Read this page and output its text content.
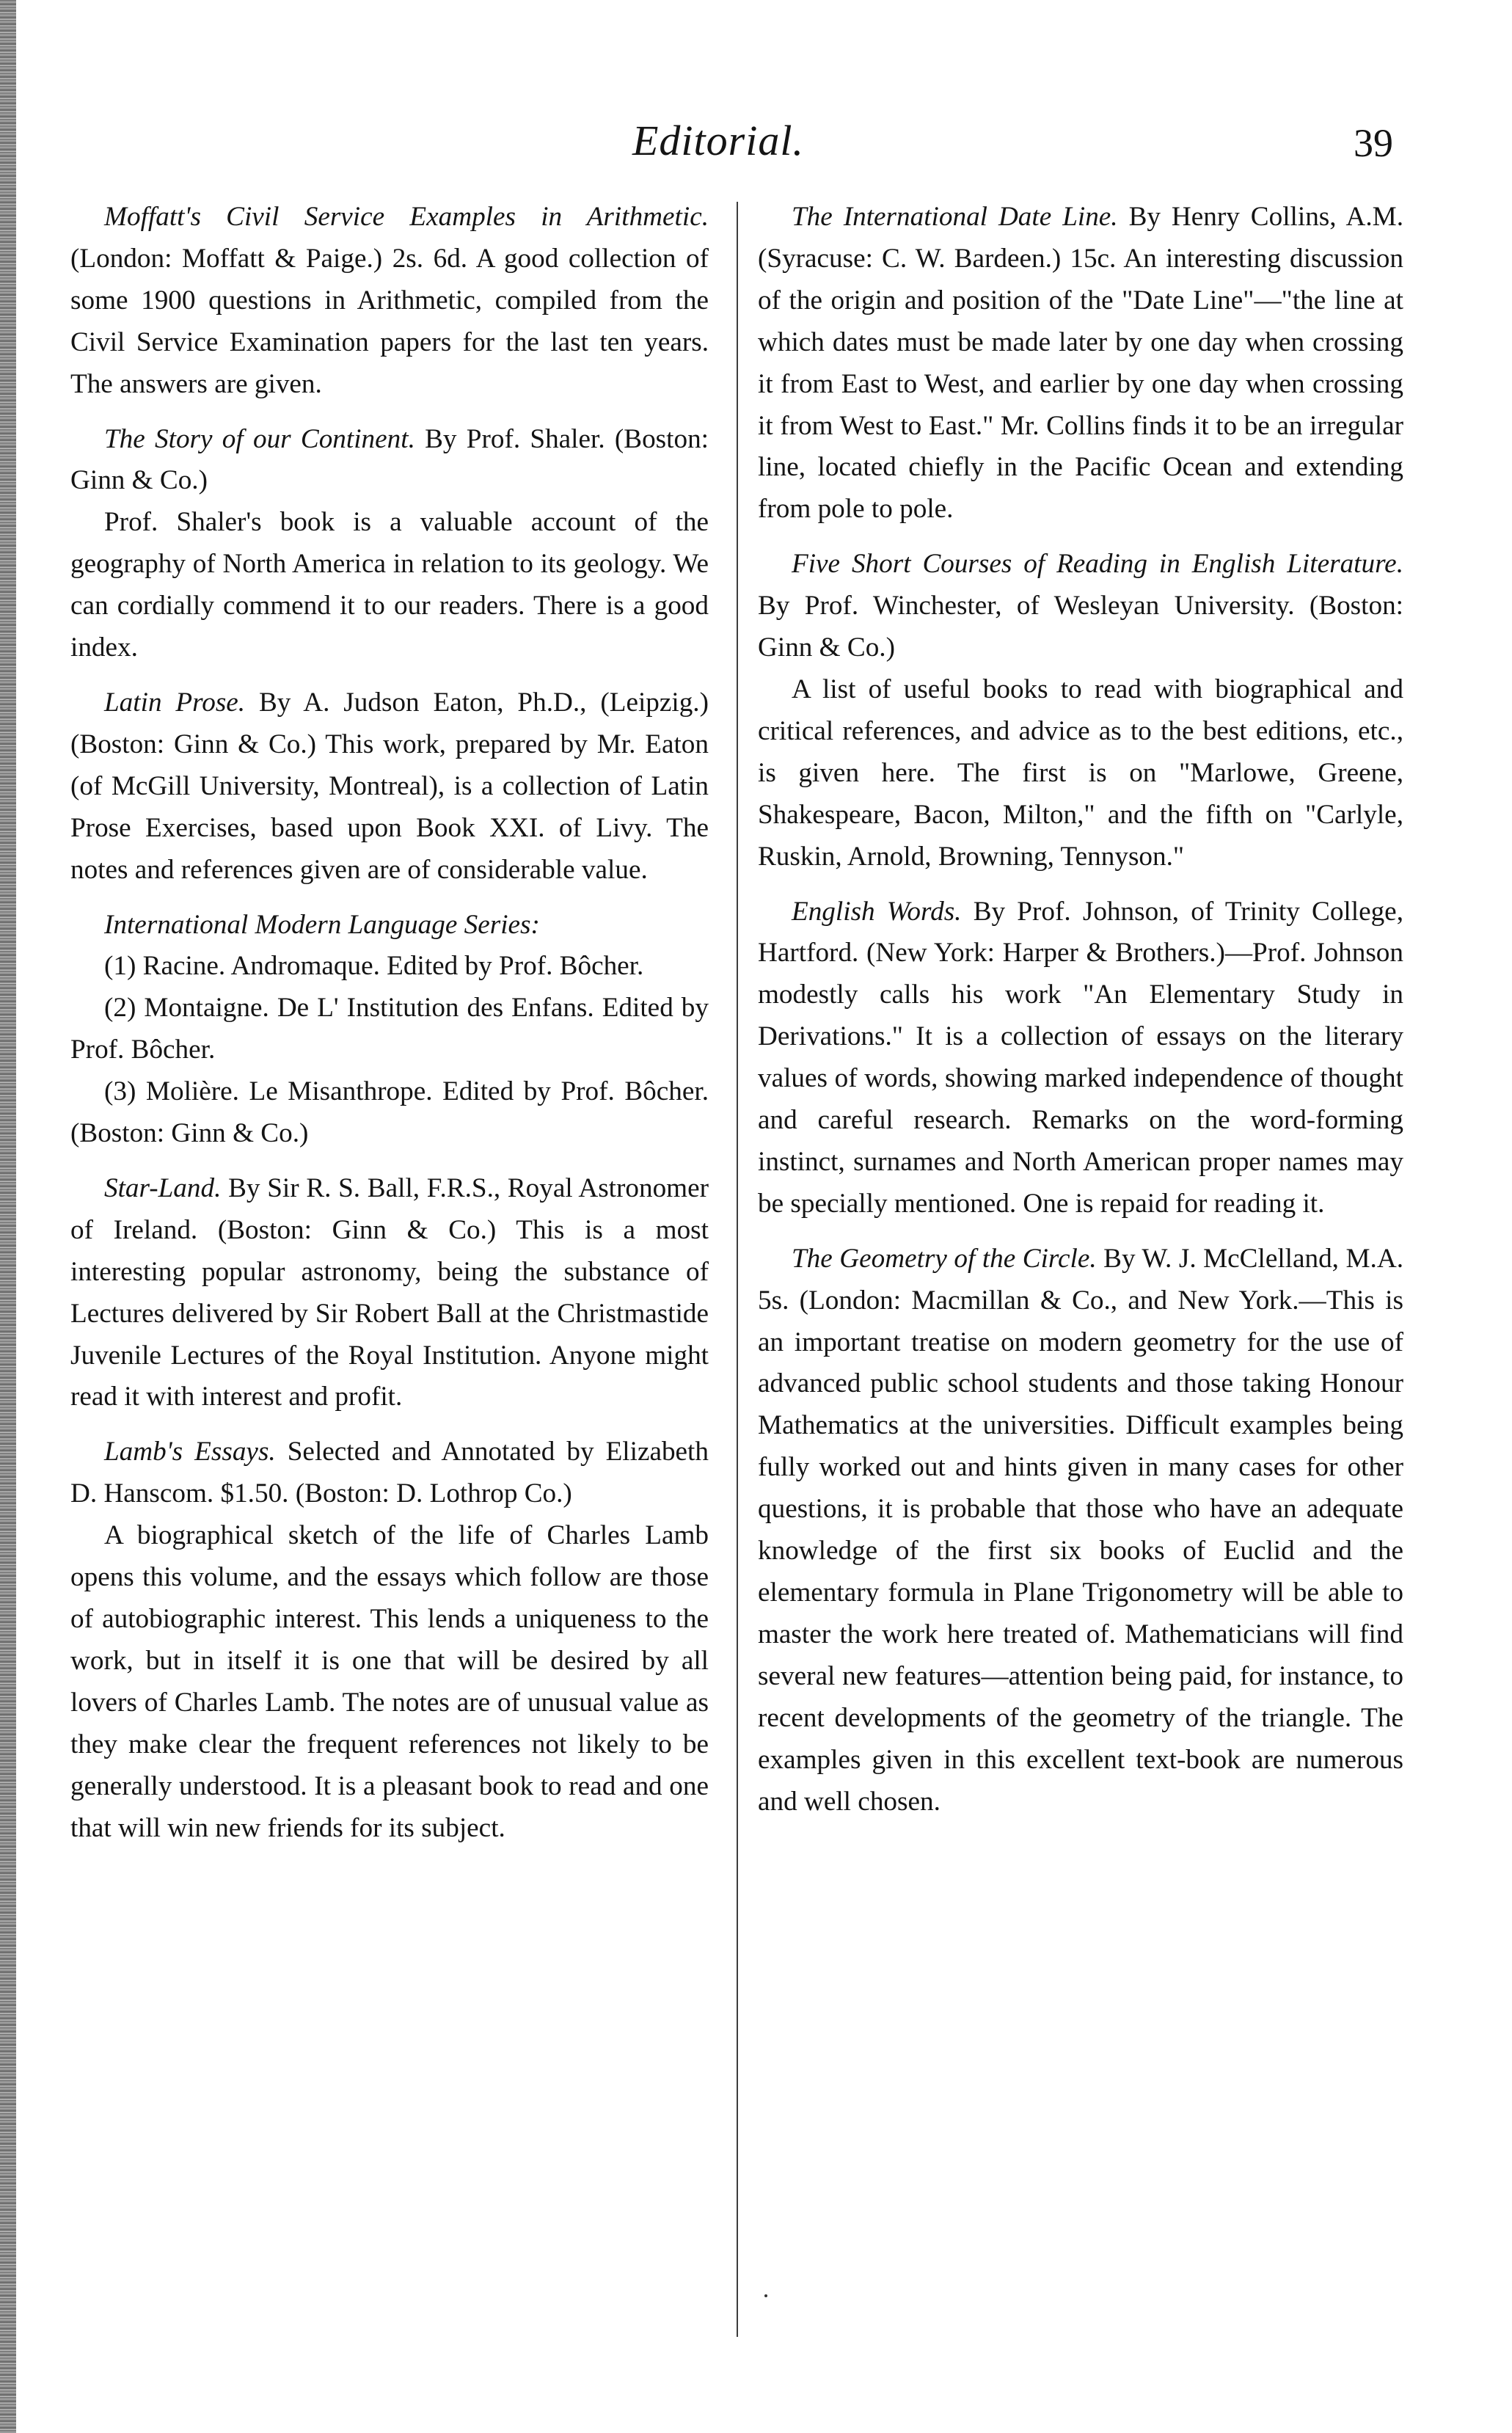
Editorial.	39

Moffatt's Civil Service Examples in Arithmetic. (London: Moffatt & Paige.) 2s. 6d. A good collection of some 1900 questions in Arithmetic, compiled from the Civil Service Examination papers for the last ten years. The answers are given.

The Story of our Continent. By Prof. Shaler. (Boston: Ginn & Co.)

Prof. Shaler's book is a valuable account of the geography of North America in relation to its geology. We can cordially commend it to our readers. There is a good index.

Latin Prose. By A. Judson Eaton, Ph.D., (Leipzig.) (Boston: Ginn & Co.) This work, prepared by Mr. Eaton (of McGill University, Montreal), is a collection of Latin Prose Exercises, based upon Book XXI. of Livy. The notes and references given are of considerable value.

International Modern Language Series:

(1) Racine. Andromaque. Edited by Prof. Bôcher.

(2) Montaigne. De L' Institution des Enfans. Edited by Prof. Bôcher.

(3) Molière. Le Misanthrope. Edited by Prof. Bôcher. (Boston: Ginn & Co.)

Star-Land. By Sir R. S. Ball, F.R.S., Royal Astronomer of Ireland. (Boston: Ginn & Co.) This is a most interesting popular astronomy, being the substance of Lectures delivered by Sir Robert Ball at the Christmastide Juvenile Lectures of the Royal Institution. Anyone might read it with interest and profit.

Lamb's Essays. Selected and Annotated by Elizabeth D. Hanscom. $1.50. (Boston: D. Lothrop Co.)

A biographical sketch of the life of Charles Lamb opens this volume, and the essays which follow are those of autobiographic interest. This lends a uniqueness to the work, but in itself it is one that will be desired by all lovers of Charles Lamb. The notes are of unusual value as they make clear the frequent references not likely to be generally understood. It is a pleasant book to read and one that will win new friends for its subject.

The International Date Line. By Henry Collins, A.M. (Syracuse: C. W. Bardeen.) 15c. An interesting discussion of the origin and position of the "Date Line"—"the line at which dates must be made later by one day when crossing it from East to West, and earlier by one day when crossing it from West to East." Mr. Collins finds it to be an irregular line, located chiefly in the Pacific Ocean and extending from pole to pole.

Five Short Courses of Reading in English Literature. By Prof. Winchester, of Wesleyan University. (Boston: Ginn & Co.)

A list of useful books to read with biographical and critical references, and advice as to the best editions, etc., is given here. The first is on "Marlowe, Greene, Shakespeare, Bacon, Milton," and the fifth on "Carlyle, Ruskin, Arnold, Browning, Tennyson."

English Words. By Prof. Johnson, of Trinity College, Hartford. (New York: Harper & Brothers.)—Prof. Johnson modestly calls his work "An Elementary Study in Derivations." It is a collection of essays on the literary values of words, showing marked independence of thought and careful research. Remarks on the word-forming instinct, surnames and North American proper names may be specially mentioned. One is repaid for reading it.

The Geometry of the Circle. By W. J. McClelland, M.A. 5s. (London: Macmillan & Co., and New York.—This is an important treatise on modern geometry for the use of advanced public school students and those taking Honour Mathematics at the universities. Difficult examples being fully worked out and hints given in many cases for other questions, it is probable that those who have an adequate knowledge of the first six books of Euclid and the elementary formula in Plane Trigonometry will be able to master the work here treated of. Mathematicians will find several new features—attention being paid, for instance, to recent developments of the geometry of the triangle. The examples given in this excellent text-book are numerous and well chosen.
